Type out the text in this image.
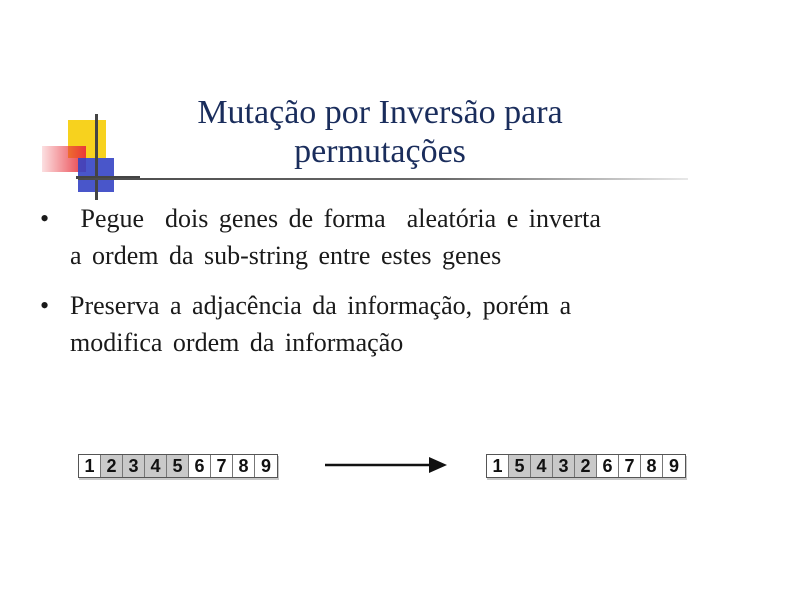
Mutação por Inversão para
permutações
• Pegue  dois genes de forma  aleatória e inverta
a ordem da sub-string entre estes genes
• Preserva a adjacência da informação, porém a
modifica ordem da informação
1 2 3 4 5 6 7 8 9	1 5 4 3 2 6 7 8 9
